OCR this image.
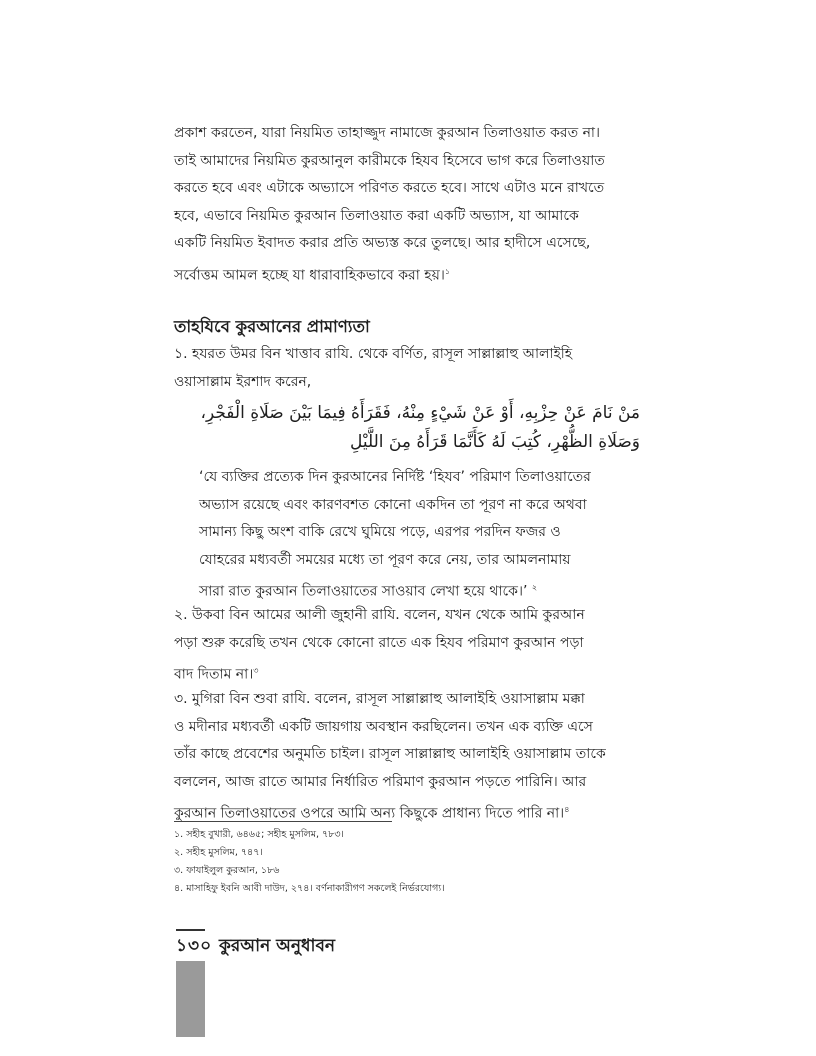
প্রকাশ করতেন, যারা নিয়মিত তাহাজ্জুদ নামাজে কুরআন তিলাওয়াত করত না।
তাই আমাদের নিয়মিত কুরআনুল কারীমকে হিযব হিসেবে ভাগ করে তিলাওয়াত
করতে হবে এবং এটাকে অভ্যাসে পরিণত করতে হবে। সাথে এটাও মনে রাখতে
হবে, এভাবে নিয়মিত কুরআন তিলাওয়াত করা একটি অভ্যাস, যা আমাকে
একটি নিয়মিত ইবাদত করার প্রতি অভ্যস্ত করে তুলছে। আর হাদীসে এসেছে,
সর্বোত্তম আমল হচ্ছে যা ধারাবাহিকভাবে করা হয়।$^১$
তাহযিবে কুরআনের প্রামাণ্যতা
১. হযরত উমর বিন খাত্তাব রাযি. থেকে বর্ণিত, রাসূল সাল্লাল্লাহু আলাইহি
ওয়াসাল্লাম ইরশাদ করেন,
مَنْ نَامَ عَنْ حِزْبِهِ، أَوْ عَنْ شَيْءٍ مِنْهُ، فَقَرَأَهُ فِيمَا بَيْنَ صَلَاةِ الْفَجْرِ،
وَصَلَاةِ الظُّهْرِ، كُتِبَ لَهُ كَأَنَّمَا قَرَأَهُ مِنَ اللَّيْلِ
‘যে ব্যক্তির প্রত্যেক দিন কুরআনের নির্দিষ্ট ‘হিযব’ পরিমাণ তিলাওয়াতের
অভ্যাস রয়েছে এবং কারণবশত কোনো একদিন তা পূরণ না করে অথবা
সামান্য কিছু অংশ বাকি রেখে ঘুমিয়ে পড়ে, এরপর পরদিন ফজর ও
যোহরের মধ্যবর্তী সময়ের মধ্যে তা পূরণ করে নেয়, তার আমলনামায়
সারা রাত কুরআন তিলাওয়াতের সাওয়াব লেখা হয়ে থাকে।’ $^২$
২. উকবা বিন আমের আলী জুহানী রাযি. বলেন, যখন থেকে আমি কুরআন
পড়া শুরু করেছি তখন থেকে কোনো রাতে এক হিযব পরিমাণ কুরআন পড়া
বাদ দিতাম না।$^৩$
৩. মুগিরা বিন শুবা রাযি. বলেন, রাসূল সাল্লাল্লাহু আলাইহি ওয়াসাল্লাম মক্কা
ও মদীনার মধ্যবর্তী একটি জায়গায় অবস্থান করছিলেন। তখন এক ব্যক্তি এসে
তাঁর কাছে প্রবেশের অনুমতি চাইল। রাসূল সাল্লাল্লাহু আলাইহি ওয়াসাল্লাম তাকে
বললেন, আজ রাতে আমার নির্ধারিত পরিমাণ কুরআন পড়তে পারিনি। আর
কুরআন তিলাওয়াতের ওপরে আমি অন্য কিছুকে প্রাধান্য দিতে পারি না।$^৪$
১. সহীহ বুখারী, ৬৪৬৫; সহীহ মুসলিম, ৭৮৩।
২. সহীহ মুসলিম, ৭৪৭।
৩. ফাযাইলুল কুরআন, ১৮৬
৪. মাসাহিফু ইবনি আবী দাউদ, ২৭৪। বর্ণনাকারীগণ সকলেই নির্ভরযোগ্য।
১৩০ কুরআন অনুধাবন
